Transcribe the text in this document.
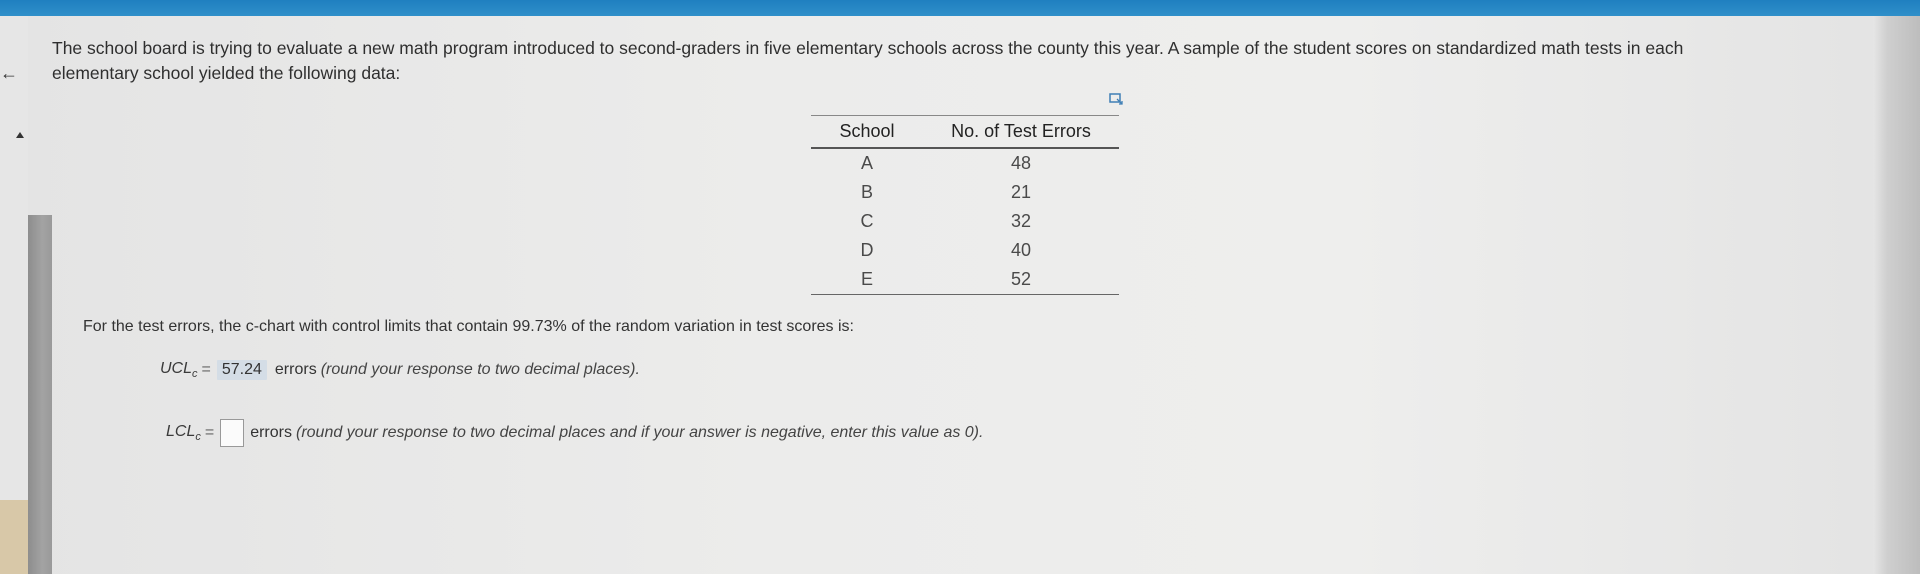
←
The school board is trying to evaluate a new math program introduced to second-graders in five elementary schools across the county this year. A sample of the student scores on standardized math tests in each
elementary school yielded the following data:
School	No. of Test Errors
A	48
B	21
C	32
D	40
E	52
For the test errors, the c-chart with control limits that contain 99.73% of the random variation in test scores is:
$UCL_c = 57.24$ errors (round your response to two decimal places).
$LCL_c$ = errors (round your response to two decimal places and if your answer is negative, enter this value as 0).
